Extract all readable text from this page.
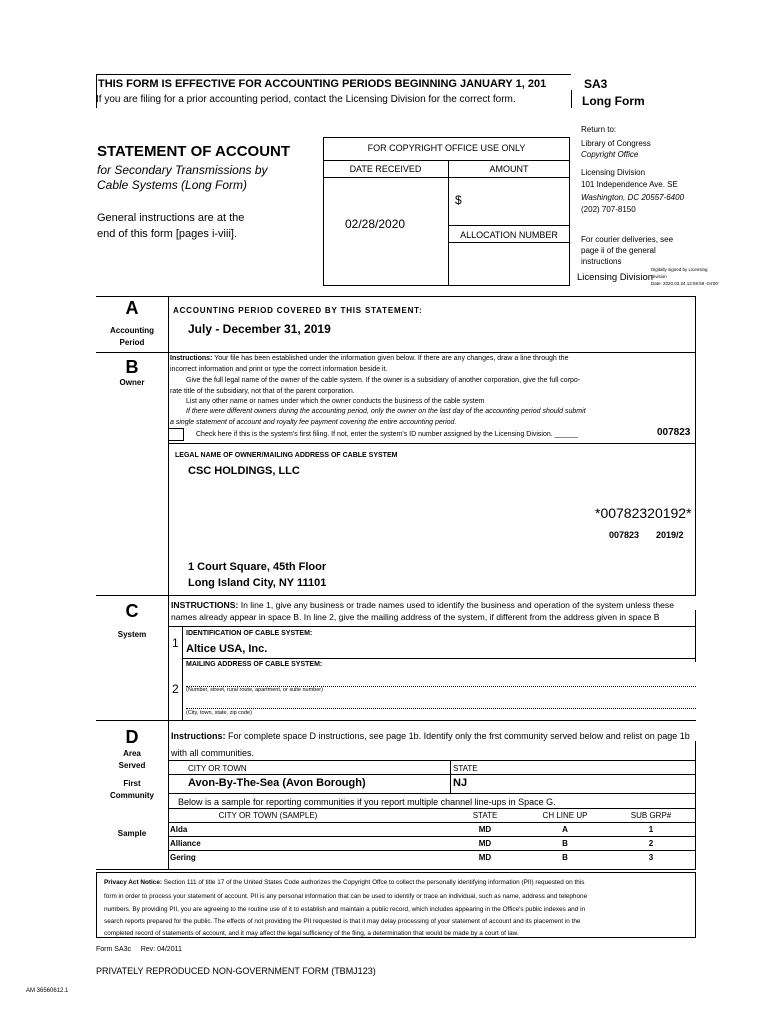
THIS FORM IS EFFECTIVE FOR ACCOUNTING PERIODS BEGINNING JANUARY 1, 201	SA3
If you are filing for a prior accounting period, contact the Licensing Division for the correct form.	Long Form
Return to:
Library of Congress
Copyright Office
Licensing Division
101 Independence Ave. SE
Washington, DC 20557-6400
(202) 707-8150
For courier deliveries, see
page ii of the general
instructions
STATEMENT OF ACCOUNT
for Secondary Transmissions by
Cable Systems (Long Form)
General instructions are at the
end of this form [pages i-viii].
FOR COPYRIGHT OFFICE USE ONLY
DATE RECEIVED	AMOUNT
02/28/2020
$
ALLOCATION NUMBER
Licensing Division
Digitally signed by Licensing
Division
Date: 2020.03.24 12:59:59 -04'00'
A
Accounting
Period
ACCOUNTING PERIOD COVERED BY THIS STATEMENT:
July - December 31, 2019
B
Owner
Instructions: Your file has been established under the information given below. If there are any changes, draw a line through the
incorrect information and print or type the correct information beside it.
Give the full legal name of the owner of the cable system. If the owner is a subsidiary of another corporation, give the full corpo-
rate title of the subsidiary, not that of the parent corporation.
List any other name or names under which the owner conducts the business of the cable system
If there were different owners during the accounting period, only the owner on the last day of the accounting period should submit
a single statement of account and royalty fee payment covering the entire accounting period.
Check here if this is the system's first filing. If not, enter the system's ID number assigned by the Licensing Division. ______	007823
LEGAL NAME OF OWNER/MAILING ADDRESS OF CABLE SYSTEM
CSC HOLDINGS, LLC
*00782320192*
007823 2019/2
1 Court Square, 45th Floor
Long Island City, NY 11101
C
System
INSTRUCTIONS: In line 1, give any business or trade names used to identify the business and operation of the system unless these
names already appear in space B. In line 2, give the mailing address of the system, if different from the address given in space B
1
IDENTIFICATION OF CABLE SYSTEM:
Altice USA, Inc.
MAILING ADDRESS OF CABLE SYSTEM:
2 (Number, street, rural route, apartment, or suite number)
(City, town, state, zip code)
D
Area
Served
First
Community
Sample
Instructions: For complete space D instructions, see page 1b. Identify only the frst community served below and relist on page 1b
with all communities.
CITY OR TOWN	STATE
Avon-By-The-Sea (Avon Borough)	NJ
Below is a sample for reporting communities if you report multiple channel line-ups in Space G.
CITY OR TOWN (SAMPLE)	STATE	CH LINE UP	SUB GRP#
Alda	MD	A	1
Alliance	MD	B	2
Gering	MD	B	3
Privacy Act Notice: Section 111 of title 17 of the United States Code authorizes the Copyright Offce to collect the personally identifying information (PII) requested on this
form in order to process your statement of account. PII is any personal information that can be used to identify or trace an individual, such as name, address and telephone
numbers. By providing PII, you are agreeing to the routine use of it to establish and maintain a public record, which includes appearing in the Office's public indexes and in
search reports prepared for the public. The effects of not providing the PII requested is that it may delay processing of your statement of account and its placement in the
completed record of statements of account, and it may affect the legal sufficiency of the fling, a determination that would be made by a court of law.
Form SA3c     Rev: 04/2011
PRIVATELY REPRODUCED NON-GOVERNMENT FORM (TBMJ123)
AM 36560612.1
